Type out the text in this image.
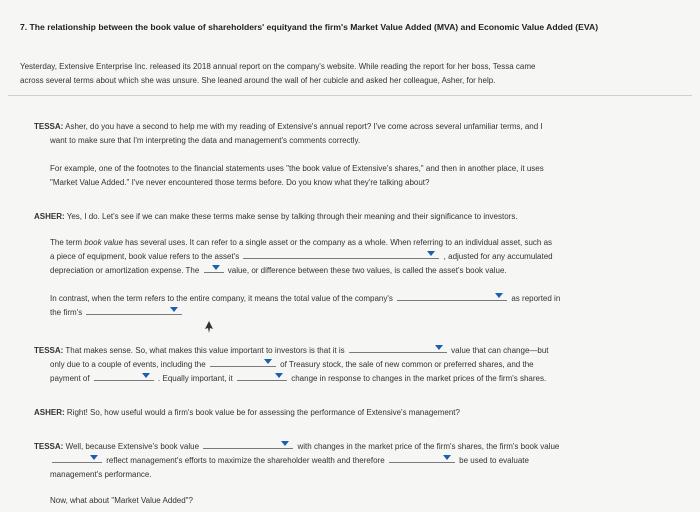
7. The relationship between the book value of shareholders' equityand the firm's Market Value Added (MVA) and Economic Value Added (EVA)
Yesterday, Extensive Enterprise Inc. released its 2018 annual report on the company's website. While reading the report for her boss, Tessa came
across several terms about which she was unsure. She leaned around the wall of her cubicle and asked her colleague, Asher, for help.
TESSA: Asher, do you have a second to help me with my reading of Extensive's annual report? I've come across several unfamiliar terms, and I
want to make sure that I'm interpreting the data and management's comments correctly.
For example, one of the footnotes to the financial statements uses "the book value of Extensive's shares," and then in another place, it uses
"Market Value Added." I've never encountered those terms before. Do you know what they're talking about?
ASHER: Yes, I do. Let's see if we can make these terms make sense by talking through their meaning and their significance to investors.
The term book value has several uses. It can refer to a single asset or the company as a whole. When referring to an individual asset, such as
a piece of equipment, book value refers to the asset's	, adjusted for any accumulated
depreciation or amortization expense. The	value, or difference between these two values, is called the asset's book value.
In contrast, when the term refers to the entire company, it means the total value of the company's	as reported in
the firm's
TESSA: That makes sense. So, what makes this value important to investors is that it is	value that can change—but
only due to a couple of events, including the	of Treasury stock, the sale of new common or preferred shares, and the
payment of	. Equally important, it	change in response to changes in the market prices of the firm's shares.
ASHER: Right! So, how useful would a firm's book value be for assessing the performance of Extensive's management?
TESSA: Well, because Extensive's book value	with changes in the market price of the firm's shares, the firm's book value
reflect management's efforts to maximize the shareholder wealth and therefore	be used to evaluate
management's performance.
Now, what about "Market Value Added"?
